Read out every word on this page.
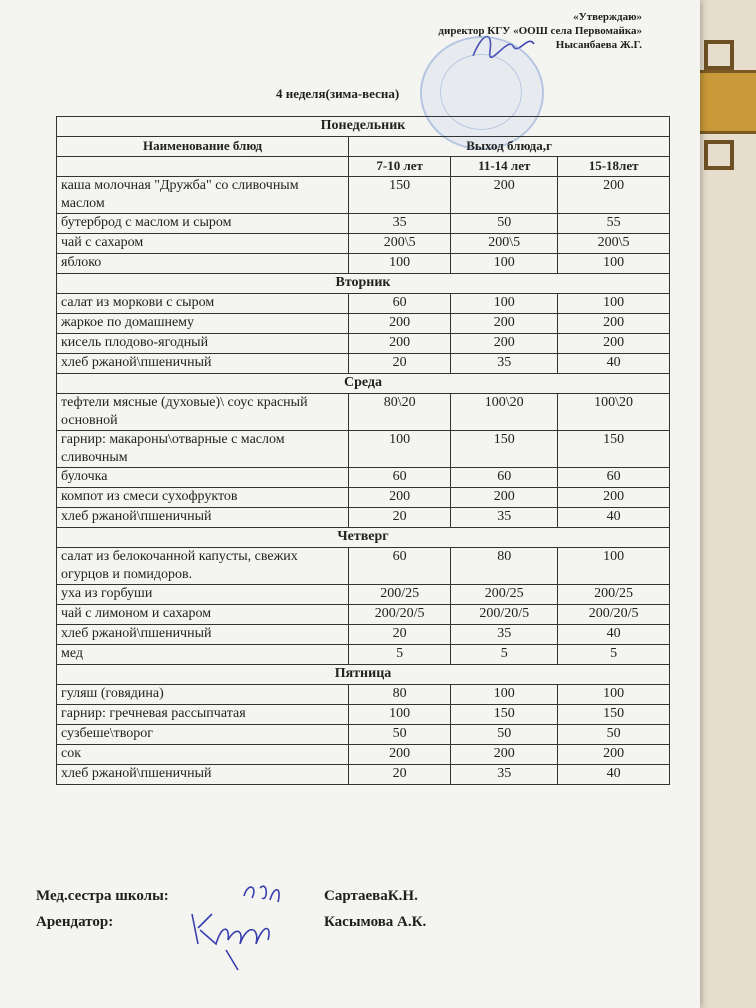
«Утверждаю»
директор КГУ «ООШ села Первомайка»
Нысанбаева Ж.Г.
4 неделя(зима-весна)
Понедельник			
Наименование блюд	Выход блюда,г		
	7-10 лет	11-14 лет	15-18лет
каша молочная "Дружба" со сливочным маслом	150	200	200
бутерброд с маслом и сыром	35	50	55
чай с сахаром	200\5	200\5	200\5
яблоко	100	100	100
Вторник			
салат из моркови с сыром	60	100	100
жаркое по домашнему	200	200	200
кисель плодово-ягодный	200	200	200
хлеб ржаной\пшеничный	20	35	40
Среда			
тефтели мясные (духовые)\ соус красный основной	80\20	100\20	100\20
гарнир: макароны\отварные с маслом сливочным	100	150	150
булочка	60	60	60
компот из смеси сухофруктов	200	200	200
хлеб ржаной\пшеничный	20	35	40
Четверг			
салат из белокочанной капусты, свежих огурцов и помидоров.	60	80	100
уха из горбуши	200/25	200/25	200/25
чай с лимоном и сахаром	200/20/5	200/20/5	200/20/5
хлеб ржаной\пшеничный	20	35	40
мед	5	5	5
Пятница			
гуляш (говядина)	80	100	100
гарнир: гречневая рассыпчатая	100	150	150
сузбеше\творог	50	50	50
сок	200	200	200
хлеб ржаной\пшеничный	20	35	40
Мед.сестра школы:	СартаеваК.Н.
Арендатор:	Касымова А.К.
